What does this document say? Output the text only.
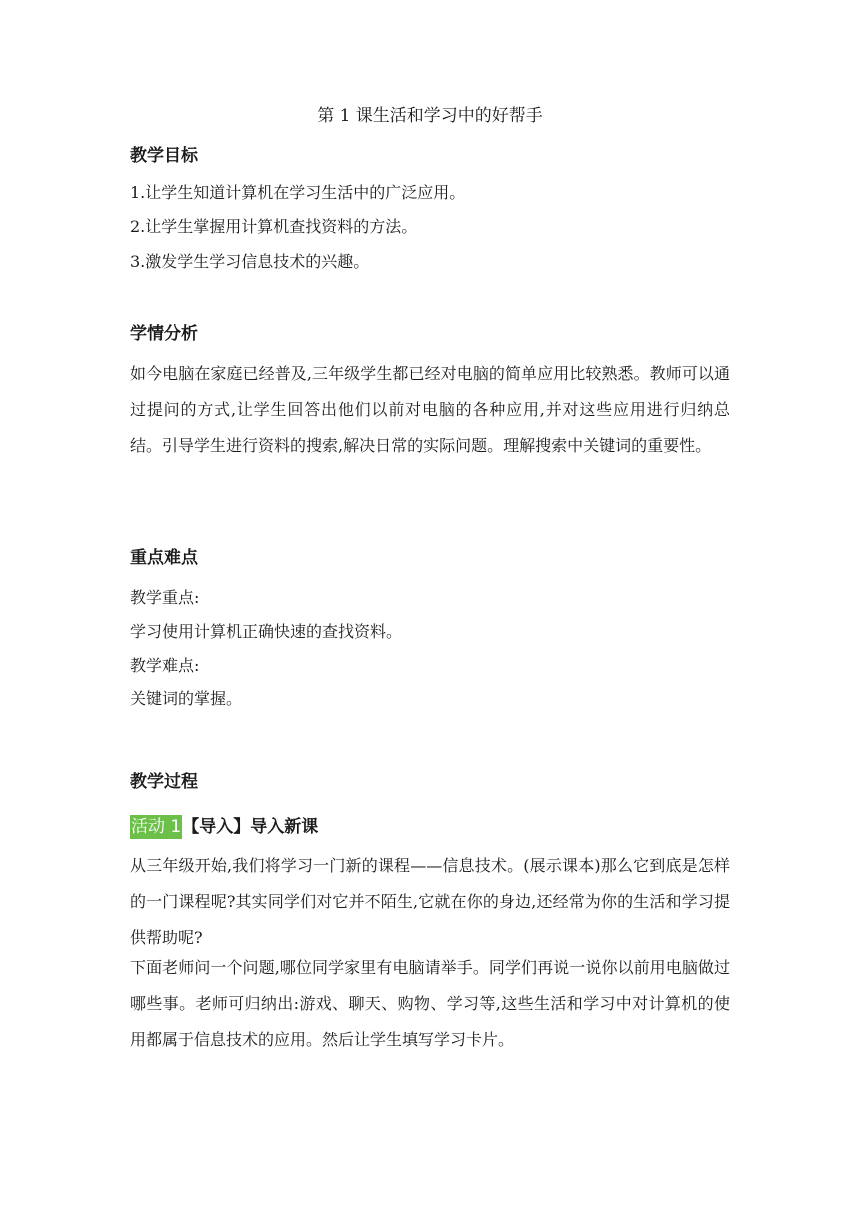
第 1 课生活和学习中的好帮手
教学目标

1.让学生知道计算机在学习生活中的广泛应用。

2.让学生掌握用计算机查找资料的方法。

3.激发学生学习信息技术的兴趣。

学情分析

如今电脑在家庭已经普及,三年级学生都已经对电脑的简单应用比较熟悉。教师可以通过提问的方式,让学生回答出他们以前对电脑的各种应用,并对这些应用进行归纳总结。引导学生进行资料的搜索,解决日常的实际问题。理解搜索中关键词的重要性。

重点难点

教学重点:

学习使用计算机正确快速的查找资料。

教学难点:

关键词的掌握。

教学过程
活动 1【导入】导入新课

从三年级开始,我们将学习一门新的课程——信息技术。(展示课本)那么它到底是怎样的一门课程呢?其实同学们对它并不陌生,它就在你的身边,还经常为你的生活和学习提供帮助呢?

下面老师问一个问题,哪位同学家里有电脑请举手。同学们再说一说你以前用电脑做过哪些事。老师可归纳出:游戏、聊天、购物、学习等,这些生活和学习中对计算机的使用都属于信息技术的应用。然后让学生填写学习卡片。
